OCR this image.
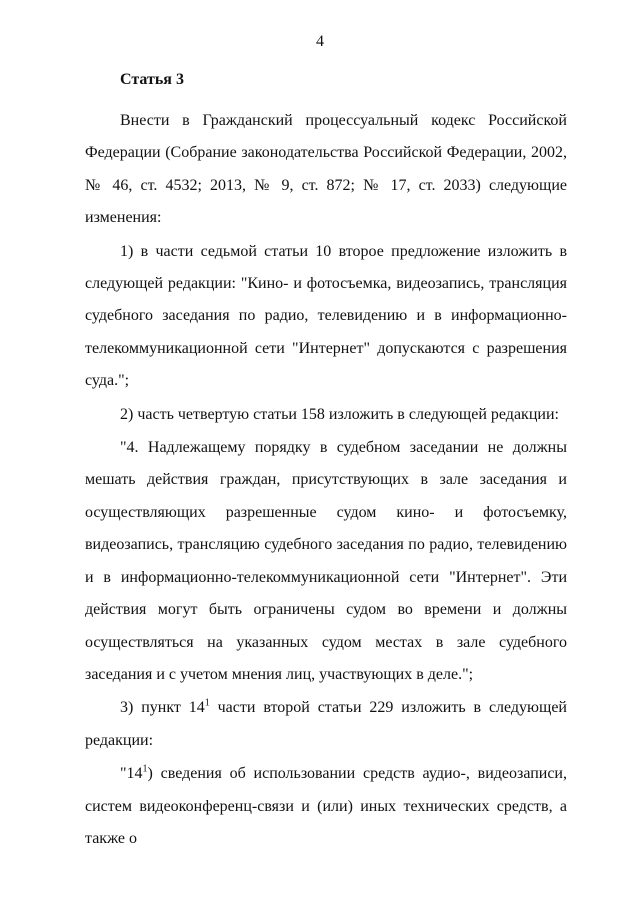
4
Статья 3

Внести в Гражданский процессуальный кодекс Российской Федерации (Собрание законодательства Российской Федерации, 2002, № 46, ст. 4532; 2013, № 9, ст. 872; № 17, ст. 2033) следующие изменения:

1) в части седьмой статьи 10 второе предложение изложить в следующей редакции: "Кино- и фотосъемка, видеозапись, трансляция судебного заседания по радио, телевидению и в информационно-телекоммуникационной сети "Интернет" допускаются с разрешения суда.";

2) часть четвертую статьи 158 изложить в следующей редакции:

"4. Надлежащему порядку в судебном заседании не должны мешать действия граждан, присутствующих в зале заседания и осуществляющих разрешенные судом кино- и фотосъемку, видеозапись, трансляцию судебного заседания по радио, телевидению и в информационно-телекоммуникационной сети "Интернет". Эти действия могут быть ограничены судом во времени и должны осуществляться на указанных судом местах в зале судебного заседания и с учетом мнения лиц, участвующих в деле.";

3) пункт $14^1$ части второй статьи 229 изложить в следующей редакции:

"$14^1$) сведения об использовании средств аудио-, видеозаписи, систем видеоконференц-связи и (или) иных технических средств, а также о
